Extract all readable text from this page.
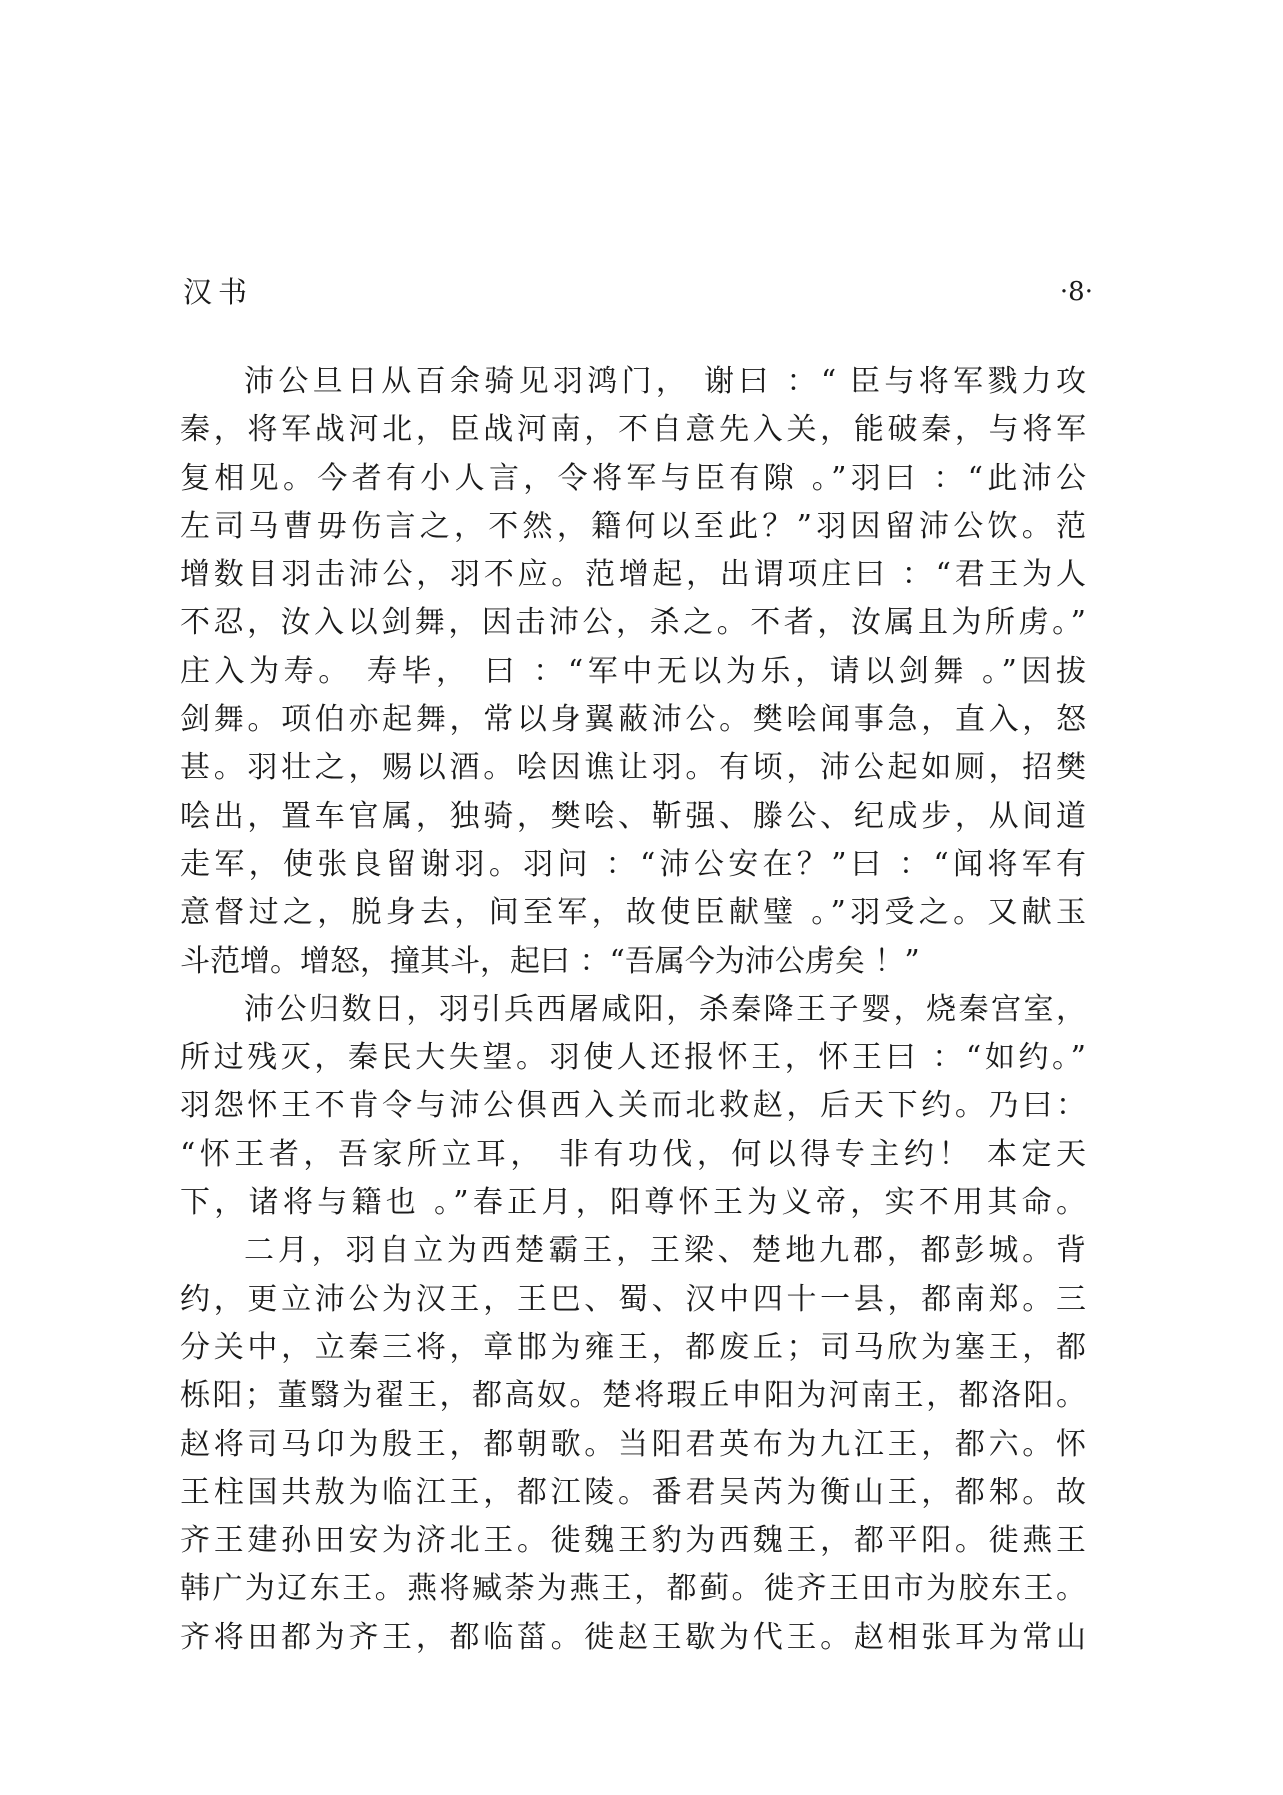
汉书	·8·
沛公旦日从百余骑见羽鸿门， 谢曰 ：“ 臣与将军戮力攻
秦，将军战河北，臣战河南，不自意先入关，能破秦，与将军
复相见。今者有小人言，令将军与臣有隙 。”羽曰 ：“此沛公
左司马曹毋伤言之，不然，籍何以至此？”羽因留沛公饮。范
增数目羽击沛公，羽不应。范增起，出谓项庄曰 ：“君王为人
不忍，汝入以剑舞，因击沛公，杀之。不者，汝属且为所虏。”
庄入为寿。 寿毕， 曰 ：“军中无以为乐，请以剑舞 。”因拔
剑舞。项伯亦起舞，常以身翼蔽沛公。樊哙闻事急，直入，怒
甚。羽壮之，赐以酒。哙因谯让羽。有顷，沛公起如厕，招樊
哙出，置车官属，独骑，樊哙、靳强、滕公、纪成步，从间道
走军，使张良留谢羽。羽问 ：“沛公安在？”曰 ：“闻将军有
意督过之，脱身去，间至军，故使臣献璧 。”羽受之。又献玉
斗范增。增怒，撞其斗，起曰 ：“吾属今为沛公虏矣 ！”
沛公归数日，羽引兵西屠咸阳，杀秦降王子婴，烧秦宫室，
所过残灭，秦民大失望。羽使人还报怀王，怀王曰 ：“如约。”
羽怨怀王不肯令与沛公俱西入关而北救赵，后天下约。乃曰：
“怀王者，吾家所立耳， 非有功伐，何以得专主约！ 本定天
下，诸将与籍也 。”春正月，阳尊怀王为义帝，实不用其命。
二月，羽自立为西楚霸王，王梁、楚地九郡，都彭城。背
约，更立沛公为汉王，王巴、蜀、汉中四十一县，都南郑。三
分关中，立秦三将，章邯为雍王，都废丘；司马欣为塞王，都
栎阳；董翳为翟王，都高奴。楚将瑕丘申阳为河南王，都洛阳。
赵将司马卬为殷王，都朝歌。当阳君英布为九江王，都六。怀
王柱国共敖为临江王，都江陵。番君吴芮为衡山王，都邾。故
齐王建孙田安为济北王。徙魏王豹为西魏王，都平阳。徙燕王
韩广为辽东王。燕将臧荼为燕王，都蓟。徙齐王田市为胶东王。
齐将田都为齐王，都临菑。徙赵王歇为代王。赵相张耳为常山
